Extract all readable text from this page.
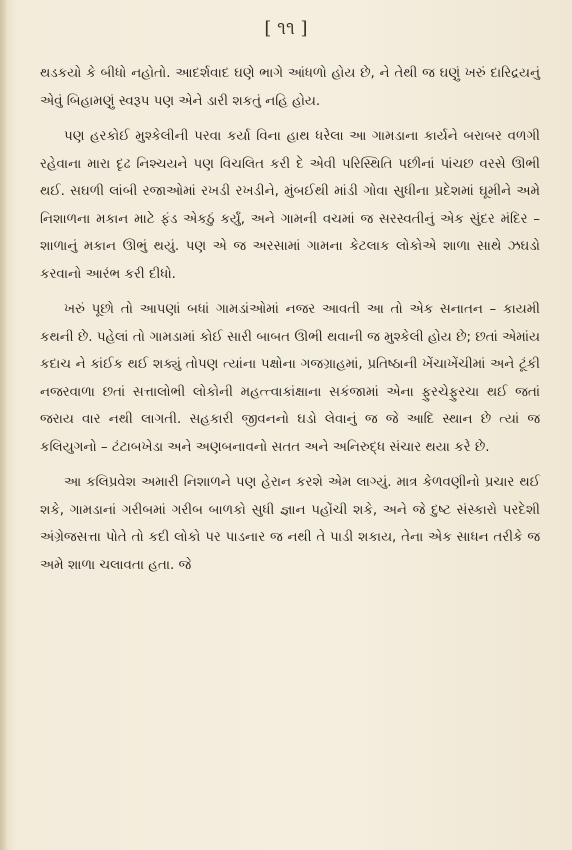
[ ૧૧ ]

થડકયો કે બીધો નહોતો. આદર્શવાદ ઘણે ભાગે આંધળો હોય છે, ને તેથી જ ઘણું ખરું દારિદ્રયનું એવું બિહામણું સ્વરૂપ પણ એને ડારી શકતું નહિ હોય.

પણ હરકોઈ મુશ્કેલીની પરવા કર્યા વિના હાથ ધરેલા આ ગામડાના કાર્યને બરાબર વળગી રહેવાના મારા દૃઢ નિશ્ચયને પણ વિચલિત કરી દે એવી પરિસ્થિતિ પછીનાં પાંચછ વરસે ઊભી થઈ. સઘળી લાંબી રજાઓમાં રખડી રખડીને, મુંબઈથી માંડી ગોવા સુધીના પ્રદેશમાં ઘૂમીને અમે નિશાળના મકાન માટે ફંડ એકઠું કર્યું, અને ગામની વચમાં જ સરસ્વતીનું એક સુંદર મંદિર – શાળાનું મકાન ઊભું થયું. પણ એ જ અરસામાં ગામના કેટલાક લોકોએ શાળા સાથે ઝઘડો કરવાનો આરંભ કરી દીધો.

ખરું પૂછો તો આપણાં બધાં ગામડાંઓમાં નજર આવતી આ તો એક સનાતન – કાયમી કથની છે. પહેલાં તો ગામડામાં કોઈ સારી બાબત ઊભી થવાની જ મુશ્કેલી હોય છે; છતાં એમાંય કદાચ ને કાંઈક થઈ શક્યું તોપણ ત્યાંના પક્ષોના ગજગ્રાહમાં, પ્રતિષ્ઠાની ખેંચાખેંચીમાં અને ટૂંકી નજરવાળા છતાં સત્તાલોભી લોકોની મહત્ત્વાકાંક્ષાના સકંજામાં એના ફુરચેફુરચા થઈ જતાં જરાય વાર નથી લાગતી. સહકારી જીવનનો ઘડો લેવાનું જ જે આદિ સ્થાન છે ત્યાં જ કલિયુગનો – ટંટાબખેડા અને અણબનાવનો સતત અને અનિરુદ્ધ સંચાર થયા કરે છે.

આ કલિપ્રવેશ અમારી નિશાળને પણ હેરાન કરશે એમ લાગ્યું. માત્ર કેળવણીનો પ્રચાર થઈ શકે, ગામડાનાં ગરીબમાં ગરીબ બાળકો સુધી જ્ઞાન પહોંચી શકે, અને જે દુષ્ટ સંસ્કારો પરદેશી અંગ્રેજસત્તા પોતે તો કદી લોકો પર પાડનાર જ નથી તે પાડી શકાય, તેના એક સાધન તરીકે જ અમે શાળા ચલાવતા હતા. જે
